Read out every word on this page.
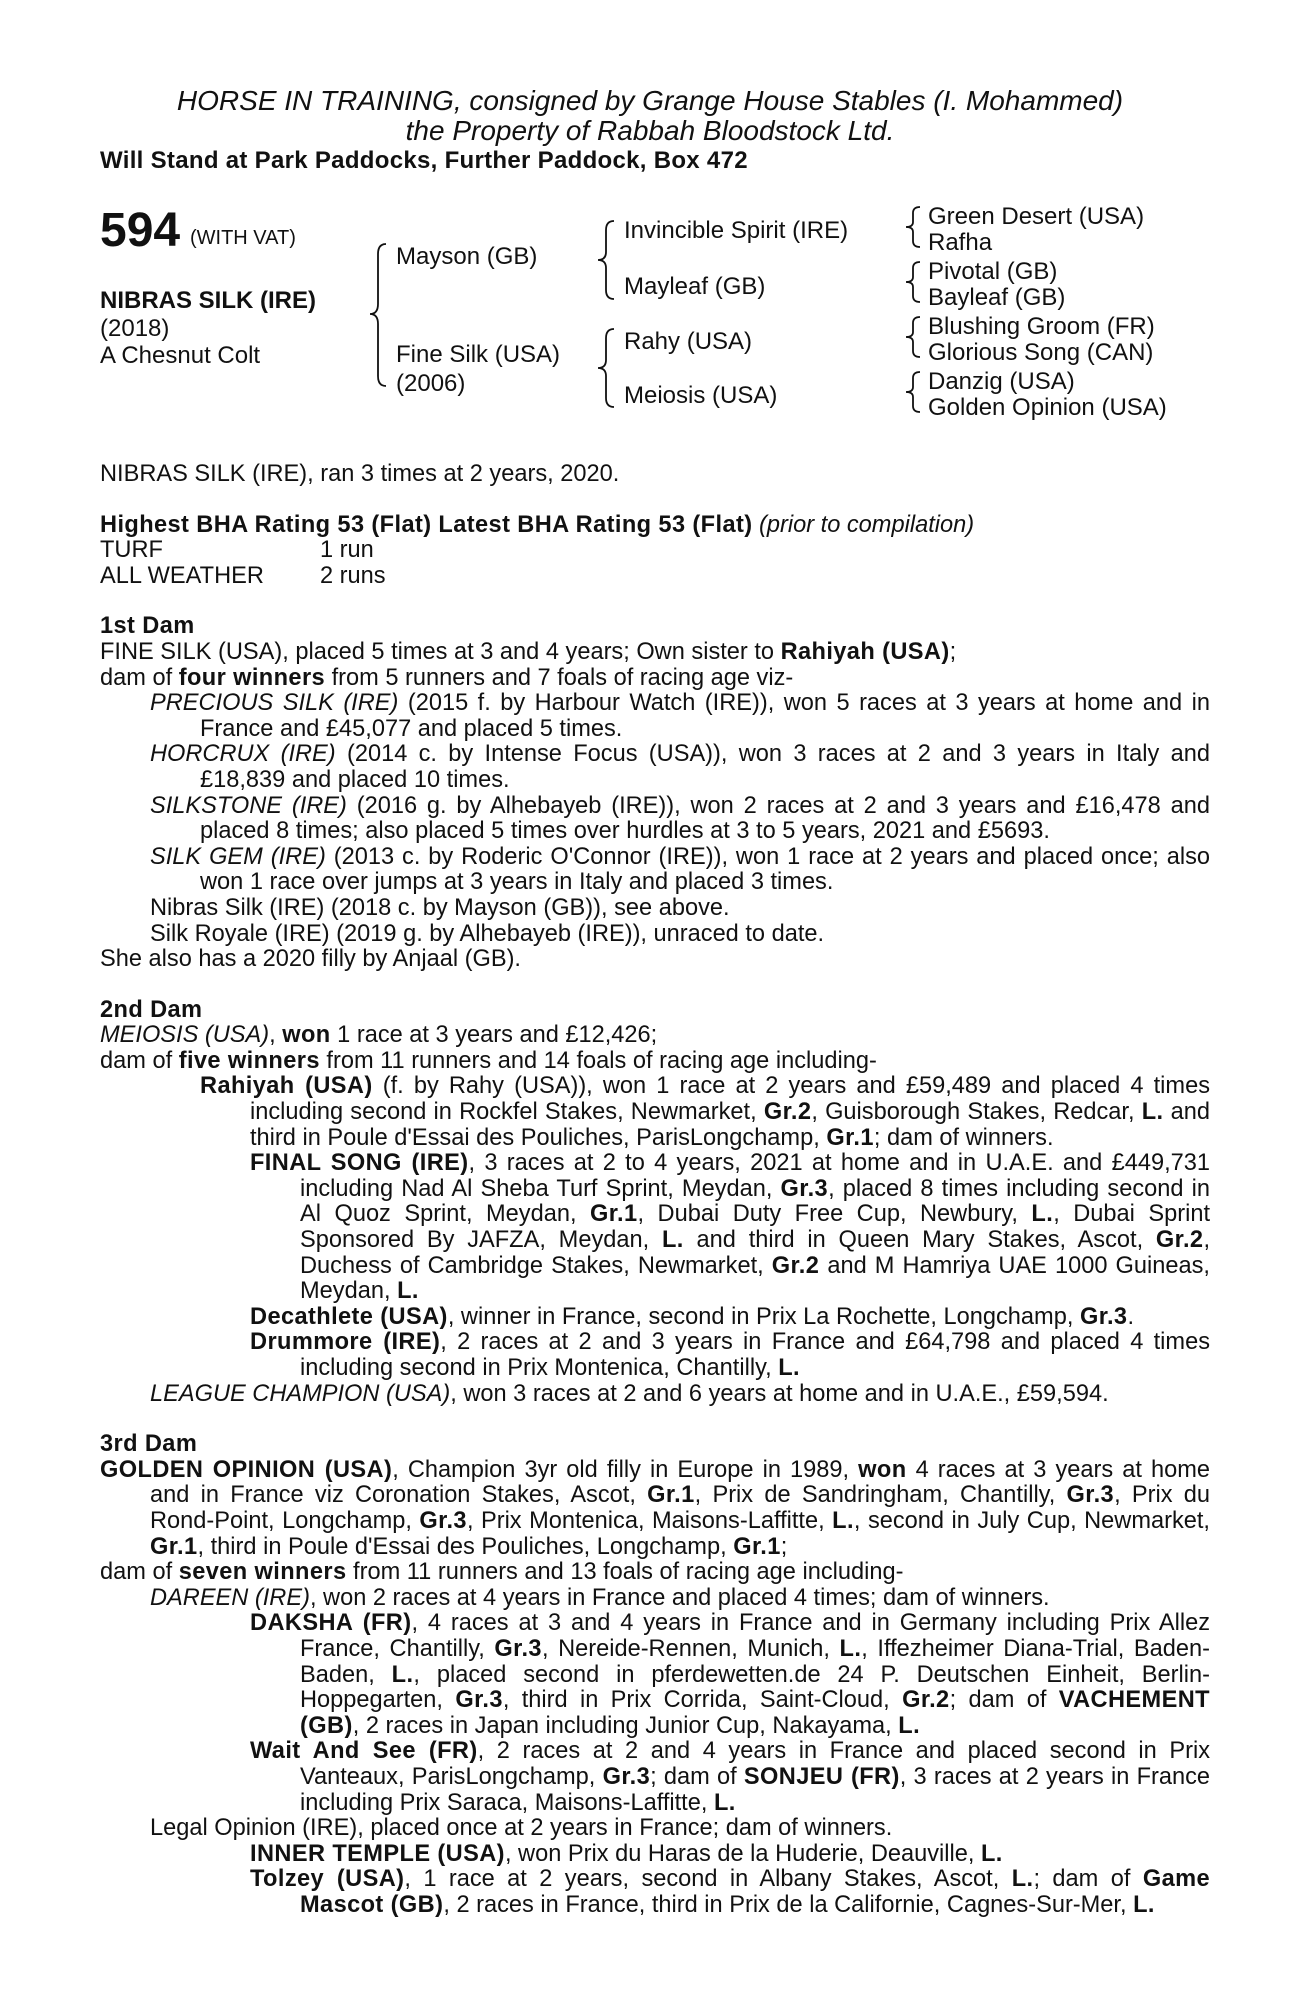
HORSE IN TRAINING, consigned by Grange House Stables (I. Mohammed)
the Property of Rabbah Bloodstock Ltd.
Will Stand at Park Paddocks, Further Paddock, Box 472
594 (WITH VAT)
NIBRAS SILK (IRE)
(2018)
A Chesnut Colt
Mayson (GB)
Fine Silk (USA)
(2006)
Invincible Spirit (IRE)
Mayleaf (GB)
Rahy (USA)
Meiosis (USA)
Green Desert (USA)
Rafha
Pivotal (GB)
Bayleaf (GB)
Blushing Groom (FR)
Glorious Song (CAN)
Danzig (USA)
Golden Opinion (USA)

NIBRAS SILK (IRE), ran 3 times at 2 years, 2020.

Highest BHA Rating 53 (Flat) Latest BHA Rating 53 (Flat) (prior to compilation)

TURF	1 run

ALL WEATHER 2 runs

1st Dam

FINE SILK (USA), placed 5 times at 3 and 4 years; Own sister to Rahiyah (USA);

dam of four winners from 5 runners and 7 foals of racing age viz-

PRECIOUS SILK (IRE) (2015 f. by Harbour Watch (IRE)), won 5 races at 3 years at home and in France and £45,077 and placed 5 times.

HORCRUX (IRE) (2014 c. by Intense Focus (USA)), won 3 races at 2 and 3 years in Italy and £18,839 and placed 10 times.

SILKSTONE (IRE) (2016 g. by Alhebayeb (IRE)), won 2 races at 2 and 3 years and £16,478 and placed 8 times; also placed 5 times over hurdles at 3 to 5 years, 2021 and £5693.

SILK GEM (IRE) (2013 c. by Roderic O'Connor (IRE)), won 1 race at 2 years and placed once; also won 1 race over jumps at 3 years in Italy and placed 3 times.

Nibras Silk (IRE) (2018 c. by Mayson (GB)), see above.

Silk Royale (IRE) (2019 g. by Alhebayeb (IRE)), unraced to date.

She also has a 2020 filly by Anjaal (GB).

2nd Dam

MEIOSIS (USA), won 1 race at 3 years and £12,426;

dam of five winners from 11 runners and 14 foals of racing age including-

Rahiyah (USA) (f. by Rahy (USA)), won 1 race at 2 years and £59,489 and placed 4 times including second in Rockfel Stakes, Newmarket, Gr.2, Guisborough Stakes, Redcar, L. and third in Poule d'Essai des Pouliches, ParisLongchamp, Gr.1; dam of winners.

FINAL SONG (IRE), 3 races at 2 to 4 years, 2021 at home and in U.A.E. and £449,731 including Nad Al Sheba Turf Sprint, Meydan, Gr.3, placed 8 times including second in Al Quoz Sprint, Meydan, Gr.1, Dubai Duty Free Cup, Newbury, L., Dubai Sprint Sponsored By JAFZA, Meydan, L. and third in Queen Mary Stakes, Ascot, Gr.2, Duchess of Cambridge Stakes, Newmarket, Gr.2 and M Hamriya UAE 1000 Guineas, Meydan, L.

Decathlete (USA), winner in France, second in Prix La Rochette, Longchamp, Gr.3.

Drummore (IRE), 2 races at 2 and 3 years in France and £64,798 and placed 4 times including second in Prix Montenica, Chantilly, L.

LEAGUE CHAMPION (USA), won 3 races at 2 and 6 years at home and in U.A.E., £59,594.

3rd Dam

GOLDEN OPINION (USA), Champion 3yr old filly in Europe in 1989, won 4 races at 3 years at home and in France viz Coronation Stakes, Ascot, Gr.1, Prix de Sandringham, Chantilly, Gr.3, Prix du Rond-Point, Longchamp, Gr.3, Prix Montenica, Maisons-Laffitte, L., second in July Cup, Newmarket, Gr.1, third in Poule d'Essai des Pouliches, Longchamp, Gr.1;

dam of seven winners from 11 runners and 13 foals of racing age including-

DAREEN (IRE), won 2 races at 4 years in France and placed 4 times; dam of winners.

DAKSHA (FR), 4 races at 3 and 4 years in France and in Germany including Prix Allez France, Chantilly, Gr.3, Nereide-Rennen, Munich, L., Iffezheimer Diana-Trial, Baden-Baden, L., placed second in pferdewetten.de 24 P. Deutschen Einheit, Berlin-Hoppegarten, Gr.3, third in Prix Corrida, Saint-Cloud, Gr.2; dam of VACHEMENT (GB), 2 races in Japan including Junior Cup, Nakayama, L.

Wait And See (FR), 2 races at 2 and 4 years in France and placed second in Prix Vanteaux, ParisLongchamp, Gr.3; dam of SONJEU (FR), 3 races at 2 years in France including Prix Saraca, Maisons-Laffitte, L.

Legal Opinion (IRE), placed once at 2 years in France; dam of winners.

INNER TEMPLE (USA), won Prix du Haras de la Huderie, Deauville, L.

Tolzey (USA), 1 race at 2 years, second in Albany Stakes, Ascot, L.; dam of Game Mascot (GB), 2 races in France, third in Prix de la Californie, Cagnes-Sur-Mer, L.
